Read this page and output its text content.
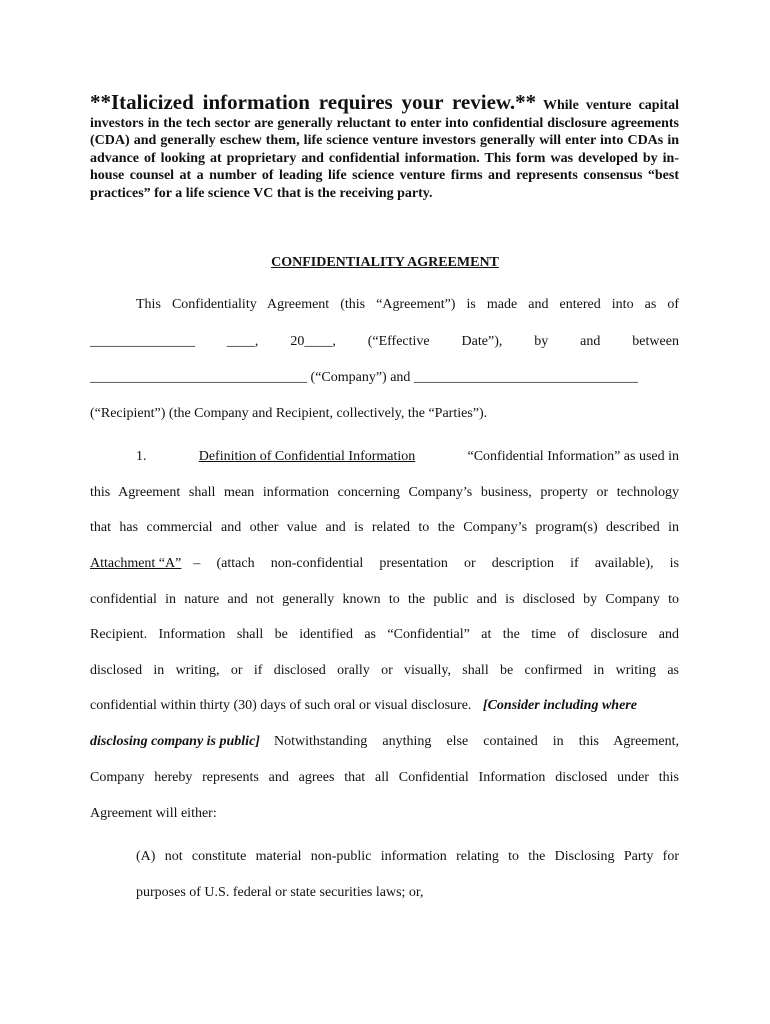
**Italicized information requires your review.** While venture capital investors in the tech sector are generally reluctant to enter into confidential disclosure agreements (CDA) and generally eschew them, life science venture investors generally will enter into CDAs in advance of looking at proprietary and confidential information. This form was developed by in-house counsel at a number of leading life science venture firms and represents consensus “best practices” for a life science VC that is the receiving party.
CONFIDENTIALITY AGREEMENT
This Confidentiality Agreement (this “Agreement”) is made and entered into as of
_______________ ____, 20____, (“Effective Date”), by and between
_______________________________ (“Company”) and ________________________________
(“Recipient”) (the Company and Recipient, collectively, the “Parties”).
1.	Definition of Confidential Information	“Confidential Information” as used in
this Agreement shall mean information concerning Company’s business, property or technology
that has commercial and other value and is related to the Company’s program(s) described in
Attachment “A” – (attach non-confidential presentation or description if available), is
confidential in nature and not generally known to the public and is disclosed by Company to
Recipient. Information shall be identified as “Confidential” at the time of disclosure and
disclosed in writing, or if disclosed orally or visually, shall be confirmed in writing as
confidential within thirty (30) days of such oral or visual disclosure. [Consider including where
disclosing company is public] Notwithstanding anything else contained in this Agreement,
Company hereby represents and agrees that all Confidential Information disclosed under this
Agreement will either:
(A) not constitute material non-public information relating to the Disclosing Party for
purposes of U.S. federal or state securities laws; or,
